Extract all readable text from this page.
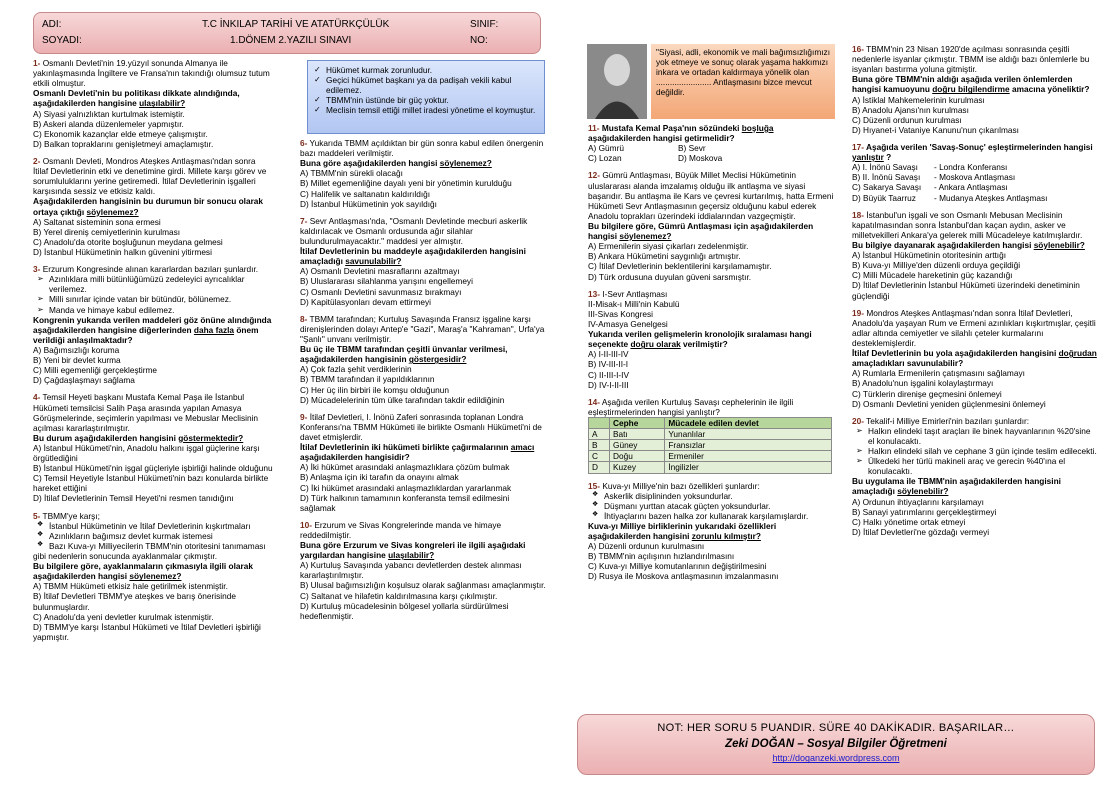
ADI:
SOYADI:
T.C İNKILAP TARİHİ VE ATATÜRKÇÜLÜK
1.DÖNEM 2.YAZILI SINAVI
SINIF:
NO:

1- Osmanlı Devleti'nin 19.yüzyıl sonunda Almanya ile yakınlaşmasında İngiltere ve Fransa'nın takındığı olumsuz tutum etkili olmuştur.

Osmanlı Devleti'nin bu politikası dikkate alındığında, aşağıdakilerden hangisine ulaşılabilir?

A) Siyasi yalnızlıktan kurtulmak istemiştir.

B) Askeri alanda düzenlemeler yapmıştır.

C) Ekonomik kazançlar elde etmeye çalışmıştır.

D) Balkan topraklarını genişletmeyi amaçlamıştır.

2- Osmanlı Devleti, Mondros Ateşkes Antlaşması'ndan sonra İtilaf Devletlerinin etki ve denetimine girdi. Millete karşı görev ve sorumluluklarını yerine getiremedi. İtilaf Devletlerinin işgalleri karşısında sessiz ve etkisiz kaldı.

Aşağıdakilerden hangisinin bu durumun bir sonucu olarak ortaya çıktığı söylenemez?

A) Saltanat sisteminin sona ermesi

B) Yerel direniş cemiyetlerinin kurulması

C) Anadolu'da otorite boşluğunun meydana gelmesi

D) İstanbul Hükümetinin halkın güvenini yitirmesi

3- Erzurum Kongresinde alınan kararlardan bazıları şunlardır.

➢ Azınlıklara milli bütünlüğümüzü zedeleyici ayrıcalıklar verilemez.
➢ Milli sınırlar içinde vatan bir bütündür, bölünemez.
➢ Manda ve himaye kabul edilemez.

Kongrenin yukarıda verilen maddeleri göz önüne alındığında aşağıdakilerden hangisine diğerlerinden daha fazla önem verildiği anlaşılmaktadır?

A) Bağımsızlığı koruma

B) Yeni bir devlet kurma

C) Milli egemenliği gerçekleştirme

D) Çağdaşlaşmayı sağlama

4- Temsil Heyeti başkanı Mustafa Kemal Paşa ile İstanbul Hükümeti temsilcisi Salih Paşa arasında yapılan Amasya Görüşmelerinde, seçimlerin yapılması ve Mebuslar Meclisinin açılması kararlaştırılmıştır.

Bu durum aşağıdakilerden hangisini göstermektedir?

A) İstanbul Hükümeti'nin, Anadolu halkını işgal güçlerine karşı örgütlediğini

B) İstanbul Hükümeti'nin işgal güçleriyle işbirliği halinde olduğunu

C) Temsil Heyetiyle İstanbul Hükümeti'nin bazı konularda birlikte hareket ettiğini

D) İtilaf Devletlerinin Temsil Heyeti'ni resmen tanıdığını

5- TBMM'ye karşı;

❖ İstanbul Hükümetinin ve İtilaf Devletlerinin kışkırtmaları
❖ Azınlıkların bağımsız devlet kurmak istemesi
❖ Bazı Kuva-yı Milliyecilerin TBMM'nin otoritesini tanımaması

gibi nedenlerin sonucunda ayaklanmalar çıkmıştır.

Bu bilgilere göre, ayaklanmaların çıkmasıyla ilgili olarak aşağıdakilerden hangisi söylenemez?

A) TBMM Hükümeti etkisiz hale getirilmek istenmiştir.

B) İtilaf Devletleri TBMM'ye ateşkes ve barış önerisinde bulunmuşlardır.

C) Anadolu'da yeni devletler kurulmak istenmiştir.

D) TBMM'ye karşı İstanbul Hükümeti ve İtilaf Devletleri işbirliği yapmıştır.

✓ Hükümet kurmak zorunludur.
✓ Geçici hükümet başkanı ya da padişah vekili kabul edilemez.
✓ TBMM'nin üstünde bir güç yoktur.
✓ Meclisin temsil ettiği millet iradesi yönetime el koymuştur.

6- Yukarıda TBMM açıldıktan bir gün sonra kabul edilen önergenin bazı maddeleri verilmiştir.

Buna göre aşağıdakilerden hangisi söylenemez?

A) TBMM'nin sürekli olacağı

B) Millet egemenliğine dayalı yeni bir yönetimin kurulduğu

C) Halifelik ve saltanatın kaldırıldığı

D) İstanbul Hükümetinin yok sayıldığı

7- Sevr Antlaşması'nda, "Osmanlı Devletinde mecburi askerlik kaldırılacak ve Osmanlı ordusunda ağır silahlar bulundurulmayacaktır." maddesi yer almıştır.

İtilaf Devletlerinin bu maddeyle aşağıdakilerden hangisini amaçladığı savunulabilir?

A) Osmanlı Devletini masraflarını azaltmayı

B) Uluslararası silahlanma yarışını engellemeyi

C) Osmanlı Devletini savunmasız bırakmayı

D) Kapitülasyonları devam ettirmeyi

8- TBMM tarafından; Kurtuluş Savaşında Fransız işgaline karşı direnişlerinden dolayı Antep'e "Gazi", Maraş'a "Kahraman", Urfa'ya "Şanlı" unvanı verilmiştir.

Bu üç ile TBMM tarafından çeşitli ünvanlar verilmesi, aşağıdakilerden hangisinin göstergesidir?

A) Çok fazla şehit verdiklerinin

B) TBMM tarafından il yapıldıklarının

C) Her üç ilin birbiri ile komşu olduğunun

D) Mücadelelerinin tüm ülke tarafından takdir edildiğinin

9- İtilaf Devletleri, I. İnönü Zaferi sonrasında toplanan Londra Konferansı'na TBMM Hükümeti ile birlikte Osmanlı Hükümeti'ni de davet etmişlerdir.

İtilaf Devletlerinin iki hükümeti birlikte çağırmalarının amacı aşağıdakilerden hangisidir?

A) İki hükümet arasındaki anlaşmazlıklara çözüm bulmak

B) Anlaşma için iki tarafın da onayını almak

C) İki hükümet arasındaki anlaşmazlıklardan yararlanmak

D) Türk halkının tamamının konferansta temsil edilmesini sağlamak

10- Erzurum ve Sivas Kongrelerinde manda ve himaye reddedilmiştir.

Buna göre Erzurum ve Sivas kongreleri ile ilgili aşağıdaki yargılardan hangisine ulaşılabilir?

A) Kurtuluş Savaşında yabancı devletlerden destek alınması kararlaştırılmıştır.

B) Ulusal bağımsızlığın koşulsuz olarak sağlanması amaçlanmıştır.

C) Saltanat ve hilafetin kaldırılmasına karşı çıkılmıştır.

D) Kurtuluş mücadelesinin bölgesel yollarla sürdürülmesi hedeflenmiştir.

"Siyasi, adli, ekonomik ve mali bağımsızlığımızı yok etmeye ve sonuç olarak yaşama hakkımızı inkara ve ortadan kaldırmaya yönelik olan ........................ Antlaşmasını bizce mevcut değildir.

11- Mustafa Kemal Paşa'nın sözündeki boşluğa aşağıdakilerden hangisi getirmelidir?

A) Gümrü	B) Sevr
C) Lozan	D) Moskova

12- Gümrü Antlaşması, Büyük Millet Meclisi Hükümetinin uluslararası alanda imzalamış olduğu ilk antlaşma ve siyasi başarıdır. Bu antlaşma ile Kars ve çevresi kurtarılmış, hatta Ermeni Hükümeti Sevr Antlaşmasının geçersiz olduğunu kabul ederek Anadolu toprakları üzerindeki iddialarından vazgeçmiştir.

Bu bilgilere göre, Gümrü Antlaşması için aşağıdakilerden hangisi söylenemez?

A) Ermenilerin siyasi çıkarları zedelenmiştir.

B) Ankara Hükümetini saygınlığı artmıştır.

C) İtilaf Devletlerinin beklentilerini karşılamamıştır.

D) Türk ordusuna duyulan güveni sarsmıştır.

13- I-Sevr Antlaşması

II-Misak-ı Milli'nin Kabulü

III-Sivas Kongresi

IV-Amasya Genelgesi

Yukarıda verilen gelişmelerin kronolojik sıralaması hangi seçenekte doğru olarak verilmiştir?

A) I-II-III-IV

B) IV-III-II-I

C) II-III-I-IV

D) IV-I-II-III

14- Aşağıda verilen Kurtuluş Savaşı cephelerinin ile ilgili eşleştirmelerinden hangisi yanlıştır?

	Cephe	Mücadele edilen devlet
A	Batı	Yunanlılar
B	Güney	Fransızlar
C	Doğu	Ermeniler
D	Kuzey	İngilizler

15- Kuva-yı Milliye'nin bazı özellikleri şunlardır:

❖ Askerlik disiplininden yoksundurlar.
❖ Düşmanı yurttan atacak güçten yoksundurlar.
❖ İhtiyaçlarını bazen halka zor kullanarak karşılamışlardır.

Kuva-yı Milliye birliklerinin yukarıdaki özellikleri aşağıdakilerden hangisini zorunlu kılmıştır?

A) Düzenli ordunun kurulmasını

B) TBMM'nin açılışının hızlandırılmasını

C) Kuva-yı Milliye komutanlarının değiştirilmesini

D) Rusya ile Moskova antlaşmasının imzalanmasını

16- TBMM'nin 23 Nisan 1920'de açılması sonrasında çeşitli nedenlerle isyanlar çıkmıştır. TBMM ise aldığı bazı önlemlerle bu isyanları bastırma yoluna gitmiştir.

Buna göre TBMM'nin aldığı aşağıda verilen önlemlerden hangisi kamuoyunu doğru bilgilendirme amacına yöneliktir?

A) İstiklal Mahkemelerinin kurulması

B) Anadolu Ajansı'nın kurulması

C) Düzenli ordunun kurulması

D) Hıyanet-i Vataniye Kanunu'nun çıkarılması

17- Aşağıda verilen 'Savaş-Sonuç' eşleştirmelerinden hangisi yanlıştır ?

A) I. İnönü Savaşı	- Londra Konferansı
B) II. İnönü Savaşı	- Moskova Antlaşması
C) Sakarya Savaşı	- Ankara Antlaşması
D) Büyük Taarruz	- Mudanya Ateşkes Antlaşması

18- İstanbul'un işgali ve son Osmanlı Mebusan Meclisinin kapatılmasından sonra İstanbul'dan kaçan aydın, asker ve milletvekilleri Ankara'ya gelerek milli Mücadeleye katılmışlardır.

Bu bilgiye dayanarak aşağıdakilerden hangisi söylenebilir?

A) İstanbul Hükümetinin otoritesinin arttığı

B) Kuva-yı Milliye'den düzenli orduya geçildiği

C) Milli Mücadele hareketinin güç kazandığı

D) İtilaf Devletlerinin İstanbul Hükümeti üzerindeki denetiminin güçlendiği

19- Mondros Ateşkes Antlaşması'ndan sonra İtilaf Devletleri, Anadolu'da yaşayan Rum ve Ermeni azınlıkları kışkırtmışlar, çeşitli adlar altında cemiyetler ve silahlı çeteler kurmalarını desteklemişlerdir.

İtilaf Devletlerinin bu yola aşağıdakilerden hangisini doğrudan amaçladıkları savunulabilir?

A) Rumlarla Ermenilerin çatışmasını sağlamayı

B) Anadolu'nun işgalini kolaylaştırmayı

C) Türklerin direnişe geçmesini önlemeyi

D) Osmanlı Devletini yeniden güçlenmesini önlemeyi

20- Tekalif-i Milliye Emirleri'nin bazıları şunlardır:

➢ Halkın elindeki taşıt araçları ile binek hayvanlarının %20'sine el konulacaktı.
➢ Halkın elindeki silah ve cephane 3 gün içinde teslim edilecekti.
➢ Ülkedeki her türlü makineli araç ve gerecin %40'ına el konulacaktı.

Bu uygulama ile TBMM'nin aşağıdakilerden hangisini amaçladığı söylenebilir?

A) Ordunun ihtiyaçlarını karşılamayı

B) Sanayi yatırımlarını gerçekleştirmeyi

C) Halkı yönetime ortak etmeyi

D) İtilaf Devletleri'ne gözdağı vermeyi

NOT: HER SORU 5 PUANDIR. SÜRE 40 DAKİKADIR. BAŞARILAR…
Zeki DOĞAN – Sosyal Bilgiler Öğretmeni
http://doganzeki.wordpress.com
